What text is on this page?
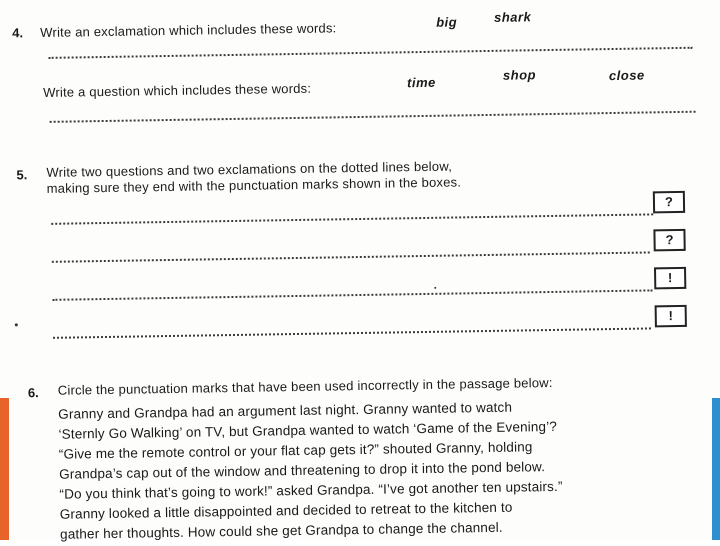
4. Write an exclamation which includes these words:	big	shark
Write a question which includes these words:	time	shop	close
5. Write two questions and two exclamations on the dotted lines below,
making sure they end with the punctuation marks shown in the boxes.
?
?
!
!
6. Circle the punctuation marks that have been used incorrectly in the passage below:
Granny and Grandpa had an argument last night. Granny wanted to watch
‘Sternly Go Walking’ on TV, but Grandpa wanted to watch ‘Game of the Evening’?
“Give me the remote control or your flat cap gets it?” shouted Granny, holding
Grandpa’s cap out of the window and threatening to drop it into the pond below.
“Do you think that’s going to work!” asked Grandpa. “I’ve got another ten upstairs.”
Granny looked a little disappointed and decided to retreat to the kitchen to
gather her thoughts. How could she get Grandpa to change the channel.
